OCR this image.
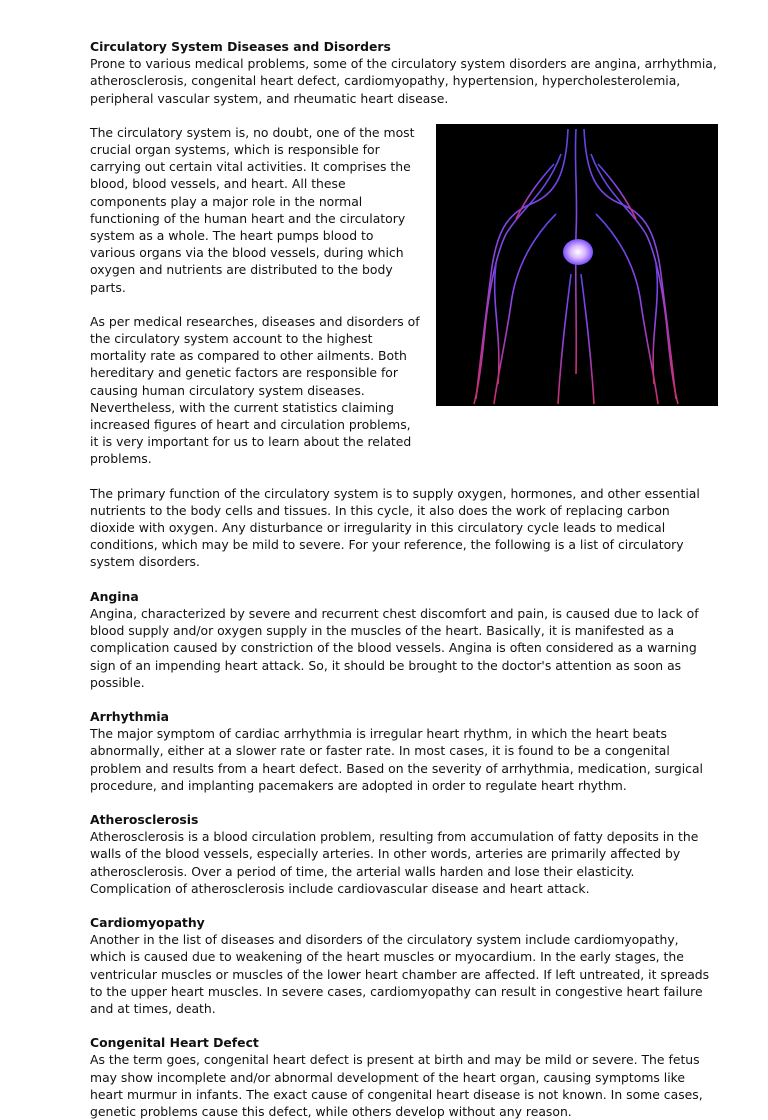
Circulatory System Diseases and Disorders

Prone to various medical problems, some of the circulatory system disorders are angina, arrhythmia, atherosclerosis, congenital heart defect, cardiomyopathy, hypertension, hypercholesterolemia, peripheral vascular system, and rheumatic heart disease.

The circulatory system is, no doubt, one of the most crucial organ systems, which is responsible for carrying out certain vital activities. It comprises the blood, blood vessels, and heart. All these components play a major role in the normal functioning of the human heart and the circulatory system as a whole. The heart pumps blood to various organs via the blood vessels, during which oxygen and nutrients are distributed to the body parts.

As per medical researches, diseases and disorders of the circulatory system account to the highest mortality rate as compared to other ailments. Both hereditary and genetic factors are responsible for causing human circulatory system diseases. Nevertheless, with the current statistics claiming increased figures of heart and circulation problems, it is very important for us to learn about the related problems.

The primary function of the circulatory system is to supply oxygen, hormones, and other essential nutrients to the body cells and tissues. In this cycle, it also does the work of replacing carbon dioxide with oxygen. Any disturbance or irregularity in this circulatory cycle leads to medical conditions, which may be mild to severe. For your reference, the following is a list of circulatory system disorders.

Angina

Angina, characterized by severe and recurrent chest discomfort and pain, is caused due to lack of blood supply and/or oxygen supply in the muscles of the heart. Basically, it is manifested as a complication caused by constriction of the blood vessels. Angina is often considered as a warning sign of an impending heart attack. So, it should be brought to the doctor's attention as soon as possible.

Arrhythmia

The major symptom of cardiac arrhythmia is irregular heart rhythm, in which the heart beats abnormally, either at a slower rate or faster rate. In most cases, it is found to be a congenital problem and results from a heart defect. Based on the severity of arrhythmia, medication, surgical procedure, and implanting pacemakers are adopted in order to regulate heart rhythm.

Atherosclerosis

Atherosclerosis is a blood circulation problem, resulting from accumulation of fatty deposits in the walls of the blood vessels, especially arteries. In other words, arteries are primarily affected by atherosclerosis. Over a period of time, the arterial walls harden and lose their elasticity. Complication of atherosclerosis include cardiovascular disease and heart attack.

Cardiomyopathy

Another in the list of diseases and disorders of the circulatory system include cardiomyopathy, which is caused due to weakening of the heart muscles or myocardium. In the early stages, the ventricular muscles or muscles of the lower heart chamber are affected. If left untreated, it spreads to the upper heart muscles. In severe cases, cardiomyopathy can result in congestive heart failure and at times, death.

Congenital Heart Defect

As the term goes, congenital heart defect is present at birth and may be mild or severe. The fetus may show incomplete and/or abnormal development of the heart organ, causing symptoms like heart murmur in infants. The exact cause of congenital heart disease is not known. In some cases, genetic problems cause this defect, while others develop without any reason.
